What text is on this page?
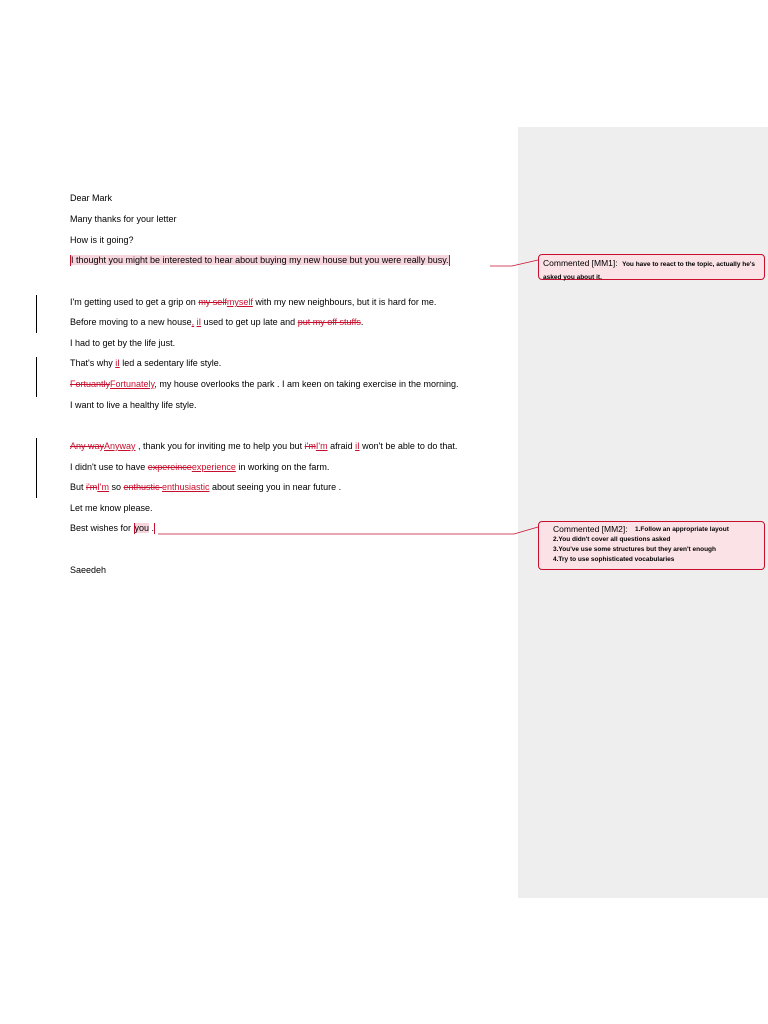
Dear Mark
Many thanks for your letter
How is it going?
I thought you might be interested to hear about buying my new house but you were really busy.
I'm getting used to get a grip on my selfmyself with my new neighbours, but it is hard for me.
Before moving to a new house, iI used to get up late and put my off stuffs.
I had to get by the life just.
That's why iI led a sedentary life style.
FortuantlyFortunately, my house overlooks the park . I am keen on taking exercise in the morning.
I want to live a healthy life style.
Any wayAnyway , thank you for inviting me to help you but i'mI'm afraid iI won't be able to do that.
I didn't use to have expereinceexperience in working on the farm.
But i'mI'm so enthustic enthusiastic about seeing you in near future .
Let me know please.
Best wishes for you .
Saeedeh
Commented [MM1]: You have to react to the topic, actually he's asked you about it.
Commented [MM2]: 1.Follow an appropriate layout
2.You didn't cover all questions asked
3.You've use some structures but they aren't enough
4.Try to use sophisticated vocabularies
